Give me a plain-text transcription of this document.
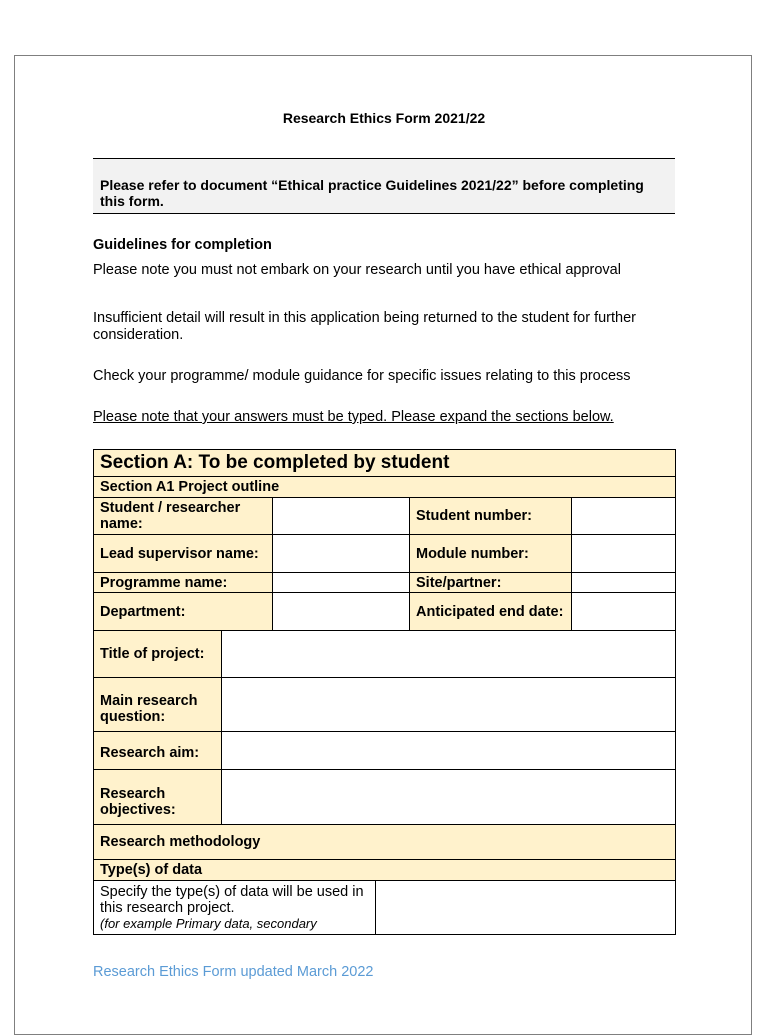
Research Ethics Form 2021/22
Please refer to document “Ethical practice Guidelines 2021/22” before completing this form.
Guidelines for completion
Please note you must not embark on your research until you have ethical approval
Insufficient detail will result in this application being returned to the student for further consideration.
Check your programme/ module guidance for specific issues relating to this process
Please note that your answers must be typed. Please expand the sections below.
Section A: To be completed by student					
Section A1 Project outline					
Student / researcher name:				Student number:	
Lead supervisor name:				Module number:	
Programme name:				Site/partner:	
Department:				Anticipated end date:	
Title of project:					
Main research question:					
Research aim:					
Research objectives:					
Research methodology					
Type(s) of data					

Specify the type(s) of data will be used in this research project.
(for example Primary data, secondary					

Research Ethics Form updated March 2022
